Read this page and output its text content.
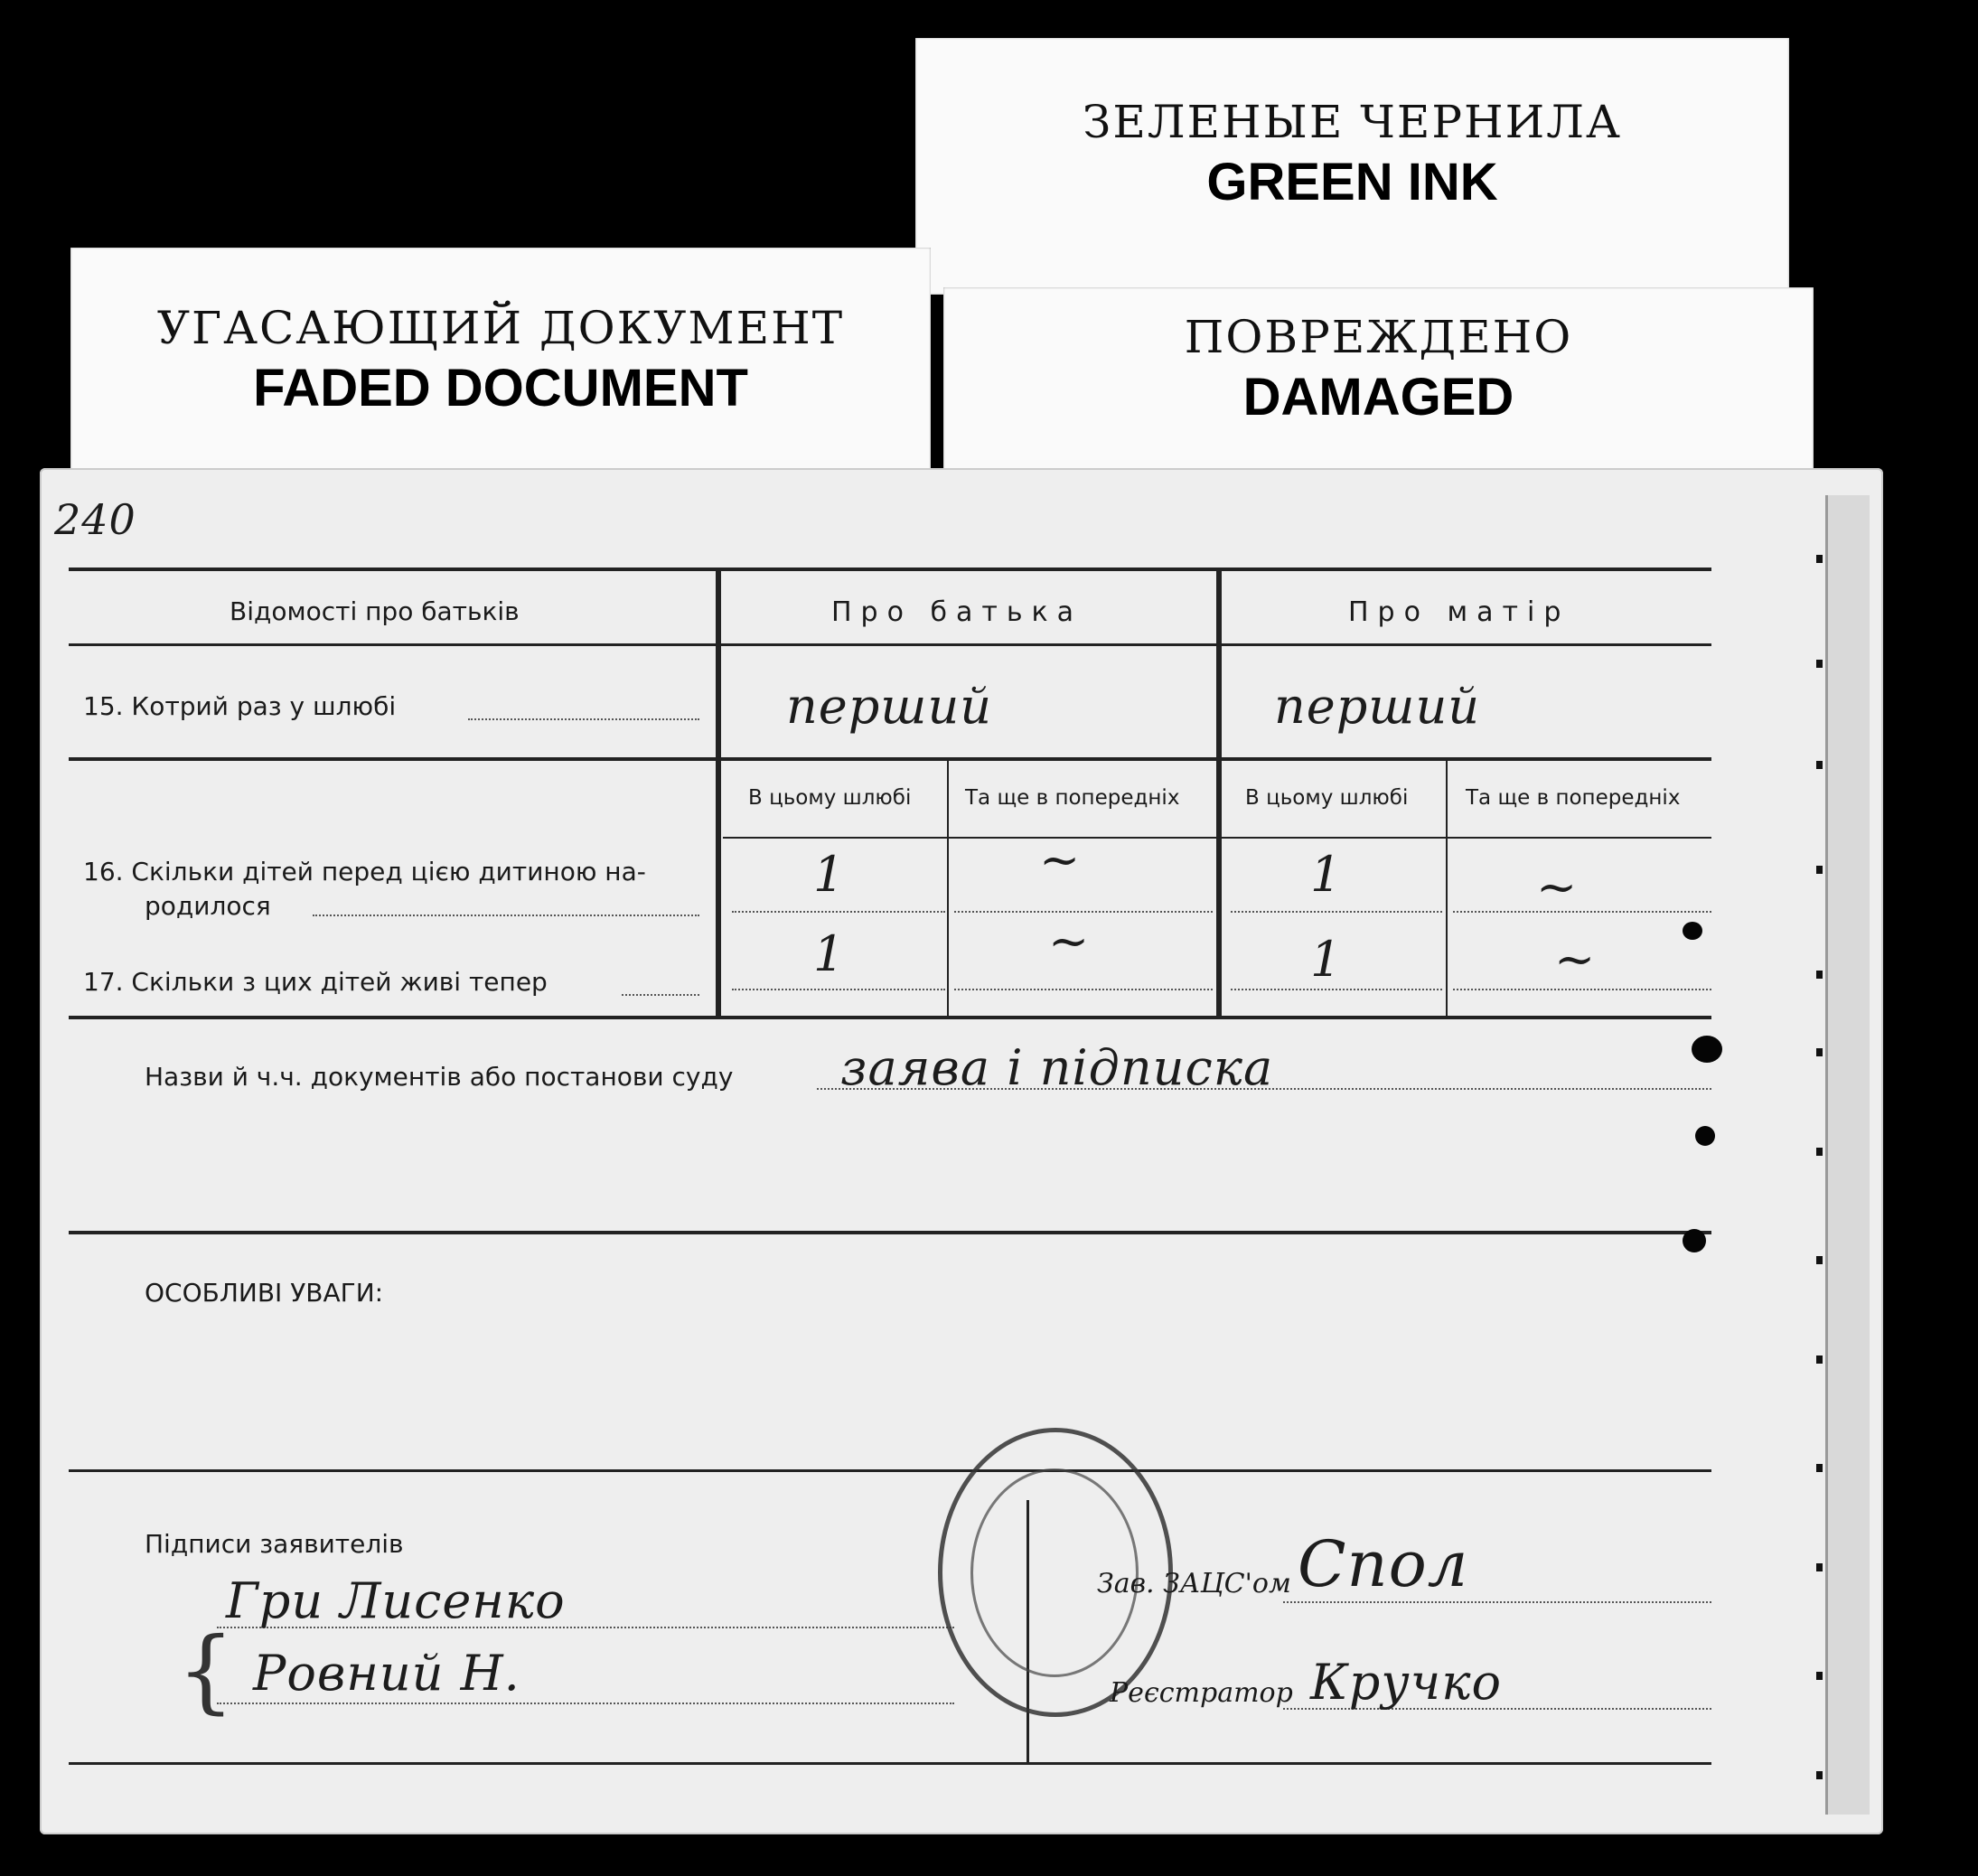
ЗЕЛЕНЫЕ ЧЕРНИЛА
GREEN INK
УГАСАЮЩИЙ ДОКУМЕНТ
FADED DOCUMENT
ПОВРЕЖДЕНО
DAMAGED
240
Відомості про батьків	Про батька	Про матір
15. Котрий раз у шлюбі	перший	перший
В цьому шлюбі	Та ще в попередніх	В цьому шлюбі	Та ще в попередніх
16. Скільки дітей перед цією дитиною на-
родилося
1	~	1	~
17. Скільки з цих дітей живі тепер	1	~	1	~
Назви й ч.ч. документів або постанови суду заява і підписка
ОСОБЛИВІ УВАГИ:
Підписи заявителів
Гри Лисенко
Ровний Н.
{
Зав. ЗАЦС'ом Спол
Реєстратор Кручко
